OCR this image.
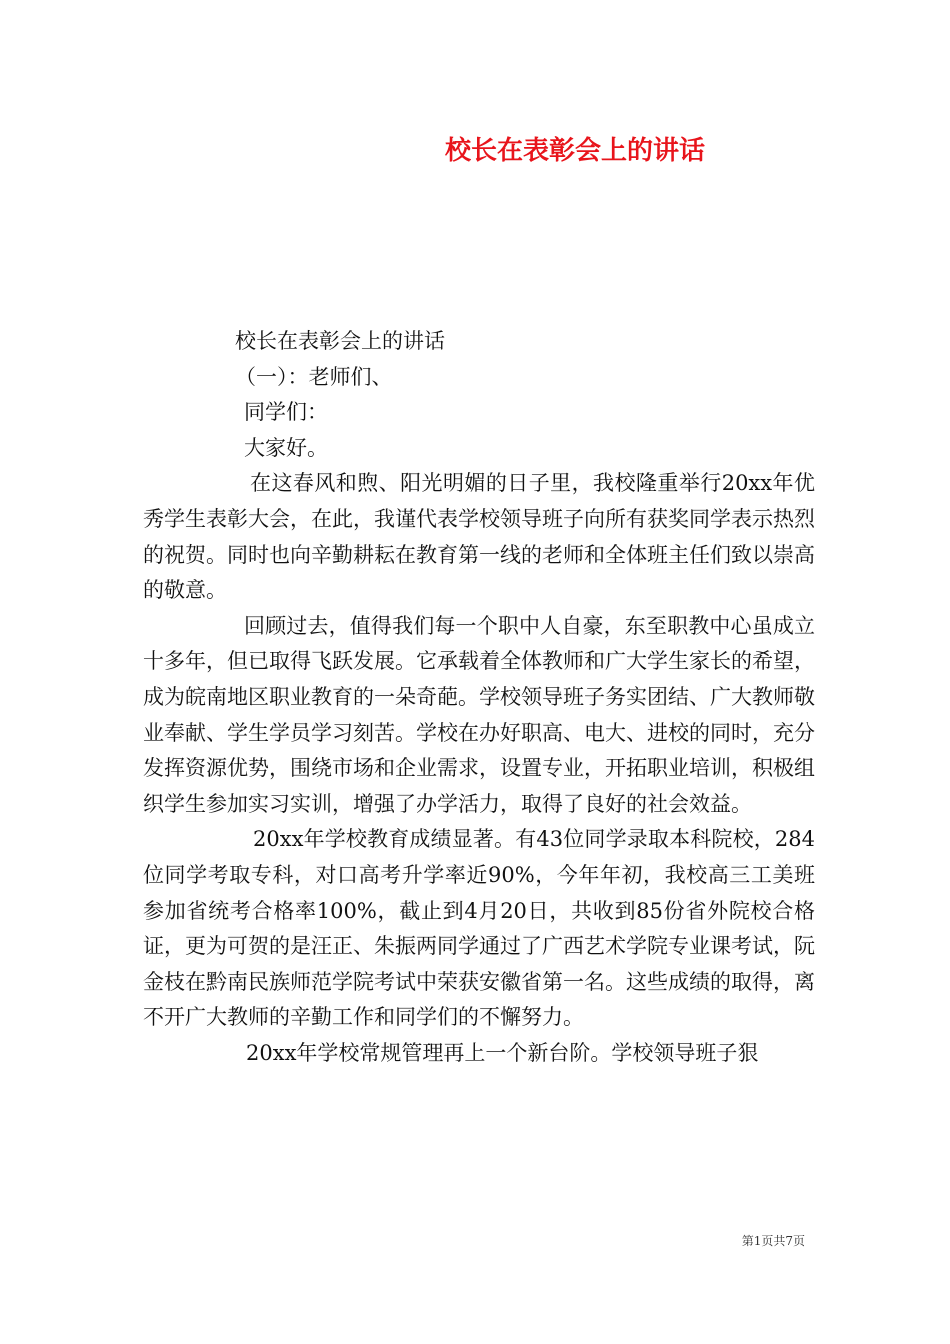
校长在表彰会上的讲话
校长在表彰会上的讲话
（一）：老师们、
同学们：
大家好。

在这春风和煦、阳光明媚的日子里，我校隆重举行20xx年优秀学生表彰大会，在此，我谨代表学校领导班子向所有获奖同学表示热烈的祝贺。同时也向辛勤耕耘在教育第一线的老师和全体班主任们致以崇高的敬意。

回顾过去，值得我们每一个职中人自豪，东至职教中心虽成立十多年，但已取得飞跃发展。它承载着全体教师和广大学生家长的希望，成为皖南地区职业教育的一朵奇葩。学校领导班子务实团结、广大教师敬业奉献、学生学员学习刻苦。学校在办好职高、电大、进校的同时，充分发挥资源优势，围绕市场和企业需求，设置专业，开拓职业培训，积极组织学生参加实习实训，增强了办学活力，取得了良好的社会效益。

20xx年学校教育成绩显著。有43位同学录取本科院校，284位同学考取专科，对口高考升学率近90%，今年年初，我校高三工美班参加省统考合格率100%，截止到4月20日，共收到85份省外院校合格证，更为可贺的是汪正、朱振两同学通过了广西艺术学院专业课考试，阮金枝在黔南民族师范学院考试中荣获安徽省第一名。这些成绩的取得，离不开广大教师的辛勤工作和同学们的不懈努力。

20xx年学校常规管理再上一个新台阶。学校领导班子狠

第1页共7页
